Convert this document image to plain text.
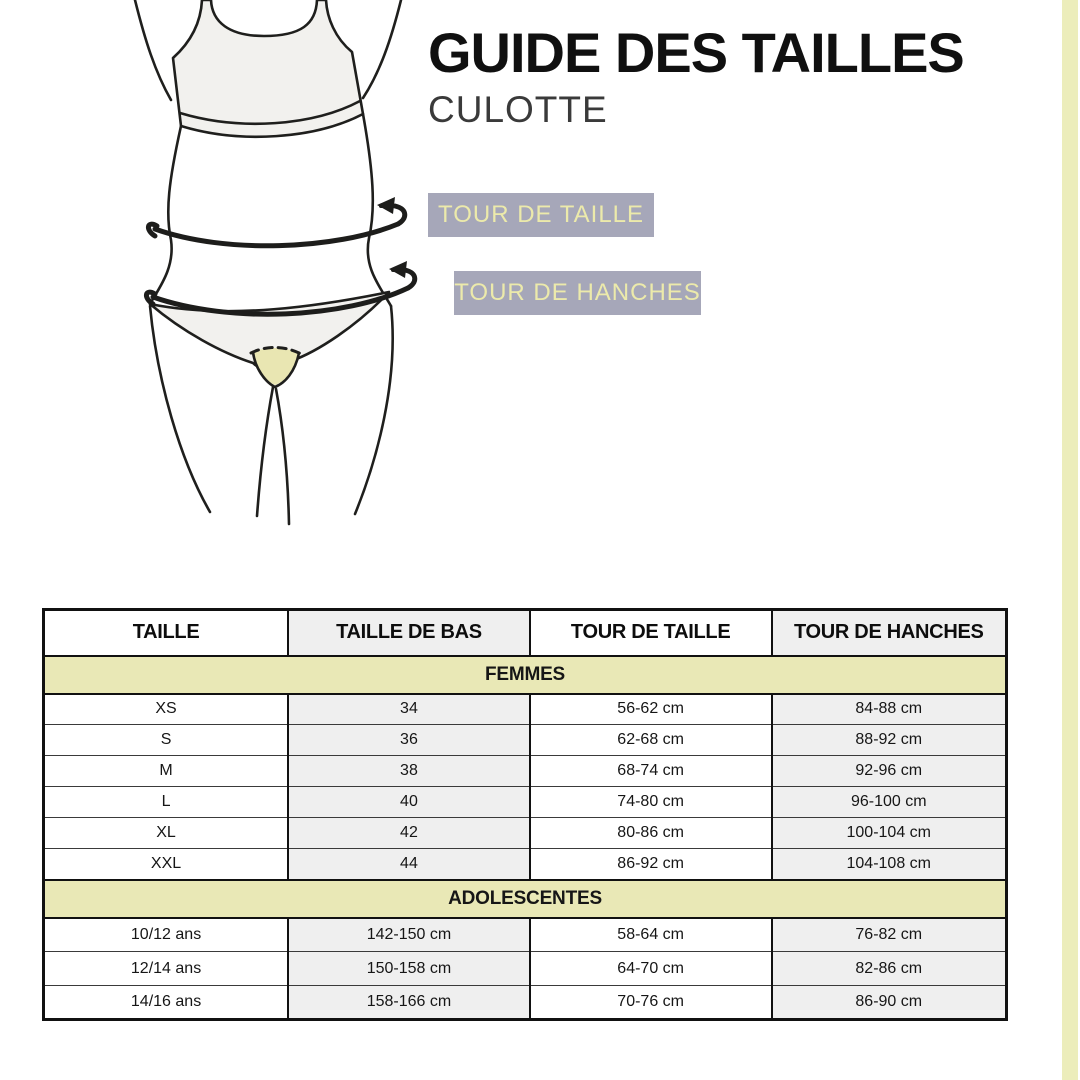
GUIDE DES TAILLES
CULOTTE
TOUR DE TAILLE
TOUR DE HANCHES
TAILLE	TAILLE DE BAS	TOUR DE TAILLE	TOUR DE HANCHES
FEMMES			
XS	34	56-62 cm	84-88 cm
S	36	62-68 cm	88-92 cm
M	38	68-74 cm	92-96 cm
L	40	74-80 cm	96-100 cm
XL	42	80-86 cm	100-104 cm
XXL	44	86-92 cm	104-108 cm
ADOLESCENTES			
10/12 ans	142-150 cm	58-64 cm	76-82 cm
12/14 ans	150-158 cm	64-70 cm	82-86 cm
14/16 ans	158-166 cm	70-76 cm	86-90 cm
